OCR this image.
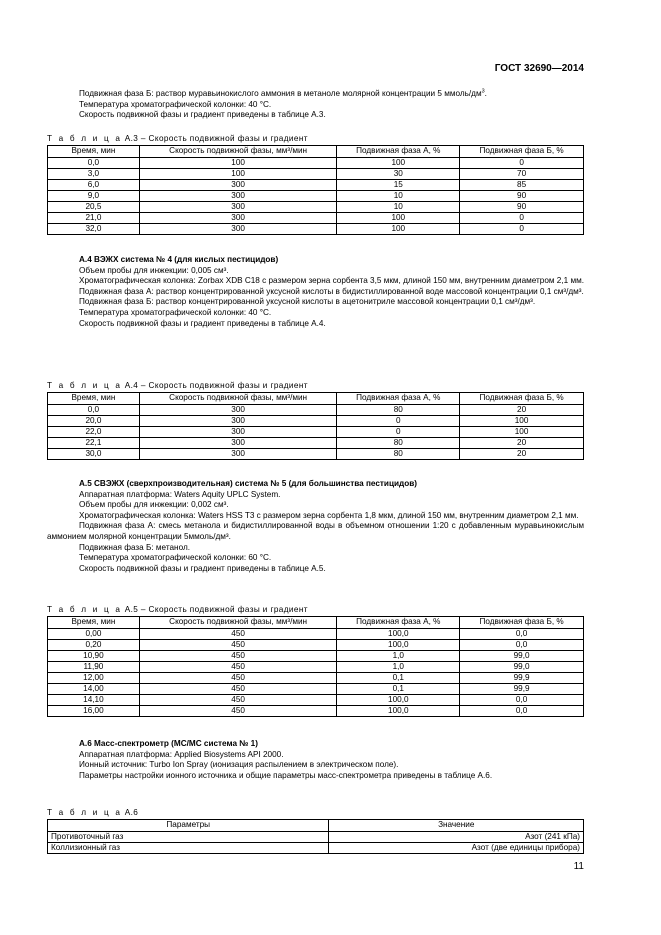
ГОСТ 32690—2014

Подвижная фаза Б: раствор муравьинокислого аммония в метаноле молярной концентрации 5 ммоль/$дм^3$.

Температура хроматографической колонки: 40 °С.

Скорость подвижной фазы и градиент приведены в таблице А.3.

Т а б л и ц а А.3 – Скорость подвижной фазы и градиент

Время, мин	Скорость подвижной фазы, мм³/мин	Подвижная фаза А, %	Подвижная фаза Б, %
0,0	100	100	0
3,0	100	30	70
6,0	300	15	85
9,0	300	10	90
20,5	300	10	90
21,0	300	100	0
32,0	300	100	0

А.4 ВЭЖХ система № 4 (для кислых пестицидов)

Объем пробы для инжекции: 0,005 см³.

Хроматографическая колонка: Zorbax XDB C18 с размером зерна сорбента 3,5 мкм, длиной 150 мм, внутренним диаметром 2,1 мм.

Подвижная фаза А: раствор концентрированной уксусной кислоты в бидистиллированной воде массовой концентрации 0,1 см³/дм³.

Подвижная фаза Б: раствор концентрированной уксусной кислоты в ацетонитриле массовой концентрации 0,1 см³/дм³.

Температура хроматографической колонки: 40 °С.

Скорость подвижной фазы и градиент приведены в таблице А.4.

Т а б л и ц а А.4 – Скорость подвижной фазы и градиент

Время, мин	Скорость подвижной фазы, мм³/мин	Подвижная фаза А, %	Подвижная фаза Б, %
0,0	300	80	20
20,0	300	0	100
22,0	300	0	100
22,1	300	80	20
30,0	300	80	20

А.5 СВЭЖХ (сверхпроизводительная) система № 5 (для большинства пестицидов)

Аппаратная платформа: Waters Aquity UPLC System.

Объем пробы для инжекции: 0,002 см³.

Хроматографическая колонка: Waters HSS T3 с размером зерна сорбента 1,8 мкм, длиной 150 мм, внутренним диаметром 2,1 мм.

Подвижная фаза А: смесь метанола и бидистиллированной воды в объемном отношении 1:20 с добавленным муравьинокислым аммонием молярной концентрации 5ммоль/дм³.

Подвижная фаза Б: метанол.

Температура хроматографической колонки: 60 °С.

Скорость подвижной фазы и градиент приведены в таблице А.5.

Т а б л и ц а А.5 – Скорость подвижной фазы и градиент

Время, мин	Скорость подвижной фазы, мм³/мин	Подвижная фаза А, %	Подвижная фаза Б, %
0,00	450	100,0	0,0
0,20	450	100,0	0,0
10,90	450	1,0	99,0
11,90	450	1,0	99,0
12,00	450	0,1	99,9
14,00	450	0,1	99,9
14,10	450	100,0	0,0
16,00	450	100,0	0,0

А.6 Масс-спектрометр (МС/МС система № 1)

Аппаратная платформа: Applied Biosystems API 2000.

Ионный источник: Turbo Ion Spray (ионизация распылением в электрическом поле).

Параметры настройки ионного источника и общие параметры масс-спектрометра приведены в таблице А.6.

Т а б л и ц а А.6

Параметры	Значение
Противоточный газ	Азот (241 кПа)
Коллизионный газ	Азот (две единицы прибора)
11
